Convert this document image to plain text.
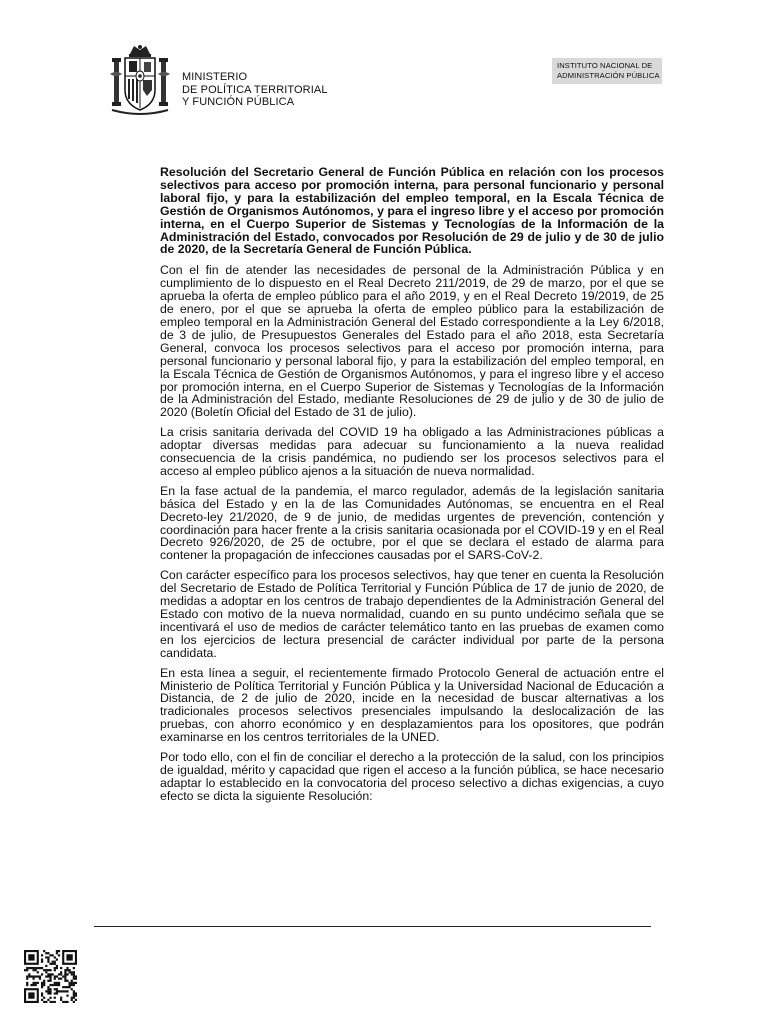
MINISTERIO
DE POLÍTICA TERRITORIAL
Y FUNCIÓN PÚBLICA
INSTITUTO NACIONAL DE
ADMINISTRACIÓN PÚBLICA

Resolución del Secretario General de Función Pública en relación con los procesos selectivos para acceso por promoción interna, para personal funcionario y personal laboral fijo, y para la estabilización del empleo temporal, en la Escala Técnica de Gestión de Organismos Autónomos, y para el ingreso libre y el acceso por promoción interna, en el Cuerpo Superior de Sistemas y Tecnologías de la Información de la Administración del Estado, convocados por Resolución de 29 de julio y de 30 de julio de 2020, de la Secretaría General de Función Pública.

Con el fin de atender las necesidades de personal de la Administración Pública y en cumplimiento de lo dispuesto en el Real Decreto 211/2019, de 29 de marzo, por el que se aprueba la oferta de empleo público para el año 2019, y en el Real Decreto 19/2019, de 25 de enero, por el que se aprueba la oferta de empleo público para la estabilización de empleo temporal en la Administración General del Estado correspondiente a la Ley 6/2018, de 3 de julio, de Presupuestos Generales del Estado para el año 2018, esta Secretaría General, convoca los procesos selectivos para el acceso por promoción interna, para personal funcionario y personal laboral fijo, y para la estabilización del empleo temporal, en la Escala Técnica de Gestión de Organismos Autónomos, y para el ingreso libre y el acceso por promoción interna, en el Cuerpo Superior de Sistemas y Tecnologías de la Información de la Administración del Estado, mediante Resoluciones de 29 de julio y de 30 de julio de 2020 (Boletín Oficial del Estado de 31 de julio).

La crisis sanitaria derivada del COVID 19 ha obligado a las Administraciones públicas a adoptar diversas medidas para adecuar su funcionamiento a la nueva realidad consecuencia de la crisis pandémica, no pudiendo ser los procesos selectivos para el acceso al empleo público ajenos a la situación de nueva normalidad.

En la fase actual de la pandemia, el marco regulador, además de la legislación sanitaria básica del Estado y en la de las Comunidades Autónomas, se encuentra en el Real Decreto-ley 21/2020, de 9 de junio, de medidas urgentes de prevención, contención y coordinación para hacer frente a la crisis sanitaria ocasionada por el COVID-19 y en el Real Decreto 926/2020, de 25 de octubre, por el que se declara el estado de alarma para contener la propagación de infecciones causadas por el SARS-CoV-2.

Con carácter específico para los procesos selectivos, hay que tener en cuenta la Resolución del Secretario de Estado de Política Territorial y Función Pública de 17 de junio de 2020, de medidas a adoptar en los centros de trabajo dependientes de la Administración General del Estado con motivo de la nueva normalidad, cuando en su punto undécimo señala que se incentivará el uso de medios de carácter telemático tanto en las pruebas de examen como en los ejercicios de lectura presencial de carácter individual por parte de la persona candidata.

En esta línea a seguir, el recientemente firmado Protocolo General de actuación entre el Ministerio de Política Territorial y Función Pública y la Universidad Nacional de Educación a Distancia, de 2 de julio de 2020, incide en la necesidad de buscar alternativas a los tradicionales procesos selectivos presenciales impulsando la deslocalización de las pruebas, con ahorro económico y en desplazamientos para los opositores, que podrán examinarse en los centros territoriales de la UNED.

Por todo ello, con el fin de conciliar el derecho a la protección de la salud, con los principios de igualdad, mérito y capacidad que rigen el acceso a la función pública, se hace necesario adaptar lo establecido en la convocatoria del proceso selectivo a dichas exigencias, a cuyo efecto se dicta la siguiente Resolución:
